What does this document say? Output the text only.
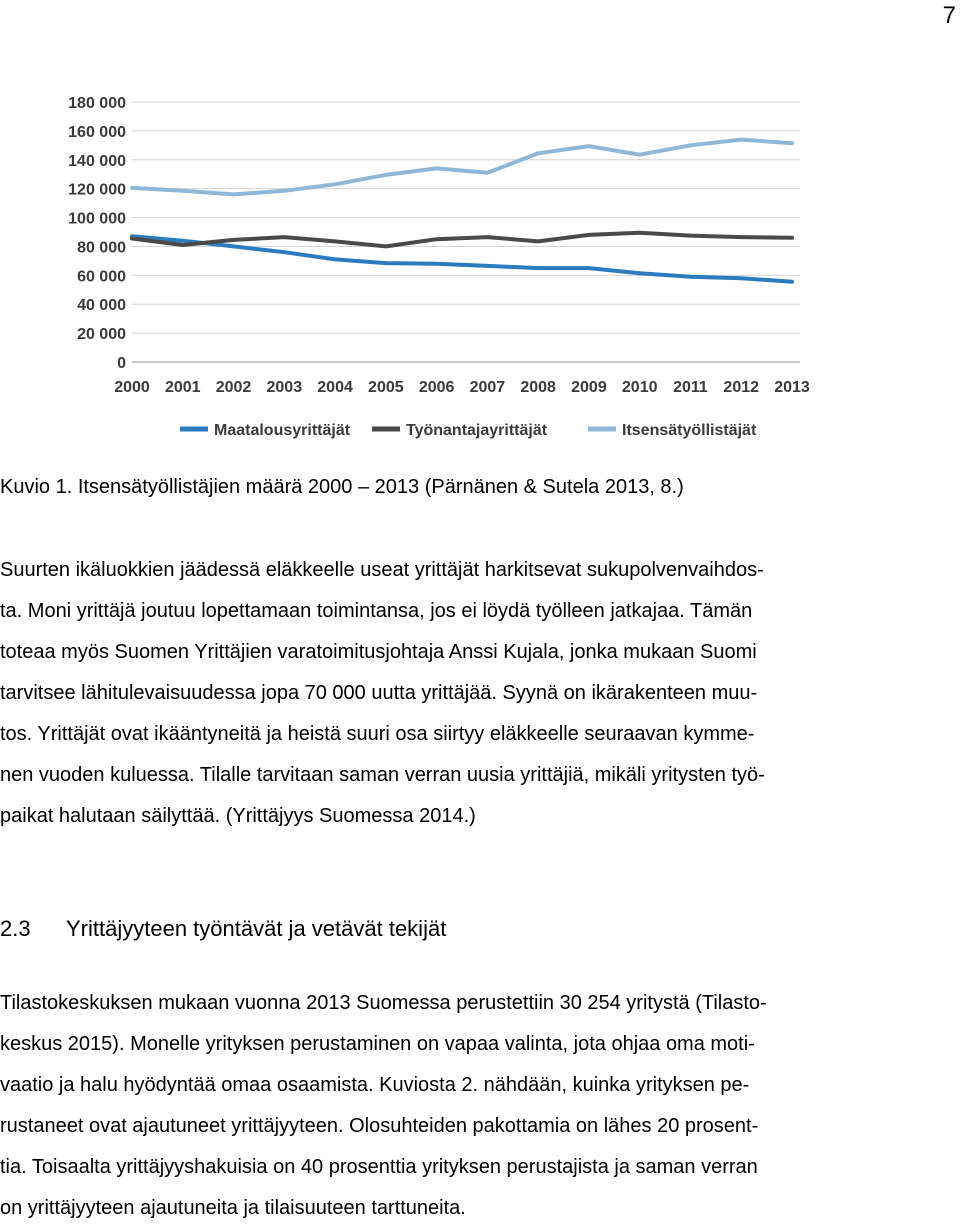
7
0
20 000
40 000
60 000
80 000
100 000
120 000
140 000
160 000
180 000
2000 2001 2002 2003 2004 2005 2006 2007 2008 2009 2010 2011 2012 2013
Maatalousyrittäjät	Työnantajayrittäjät	Itsensätyöllistäjät
Kuvio 1. Itsensätyöllistäjien määrä 2000 – 2013 (Pärnänen & Sutela 2013, 8.)

Suurten ikäluokkien jäädessä eläkkeelle useat yrittäjät harkitsevat sukupolvenvaihdos-
ta. Moni yrittäjä joutuu lopettamaan toimintansa, jos ei löydä työlleen jatkajaa. Tämän
toteaa myös Suomen Yrittäjien varatoimitusjohtaja Anssi Kujala, jonka mukaan Suomi
tarvitsee lähitulevaisuudessa jopa 70 000 uutta yrittäjää. Syynä on ikärakenteen muu-
tos. Yrittäjät ovat ikääntyneitä ja heistä suuri osa siirtyy eläkkeelle seuraavan kymme-
nen vuoden kuluessa. Tilalle tarvitaan saman verran uusia yrittäjiä, mikäli yritysten työ-
paikat halutaan säilyttää. (Yrittäjyys Suomessa 2014.)

2.3 Yrittäjyyteen työntävät ja vetävät tekijät

Tilastokeskuksen mukaan vuonna 2013 Suomessa perustettiin 30 254 yritystä (Tilasto-
keskus 2015). Monelle yrityksen perustaminen on vapaa valinta, jota ohjaa oma moti-
vaatio ja halu hyödyntää omaa osaamista. Kuviosta 2. nähdään, kuinka yrityksen pe-
rustaneet ovat ajautuneet yrittäjyyteen. Olosuhteiden pakottamia on lähes 20 prosent-
tia. Toisaalta yrittäjyyshakuisia on 40 prosenttia yrityksen perustajista ja saman verran
on yrittäjyyteen ajautuneita ja tilaisuuteen tarttuneita.
